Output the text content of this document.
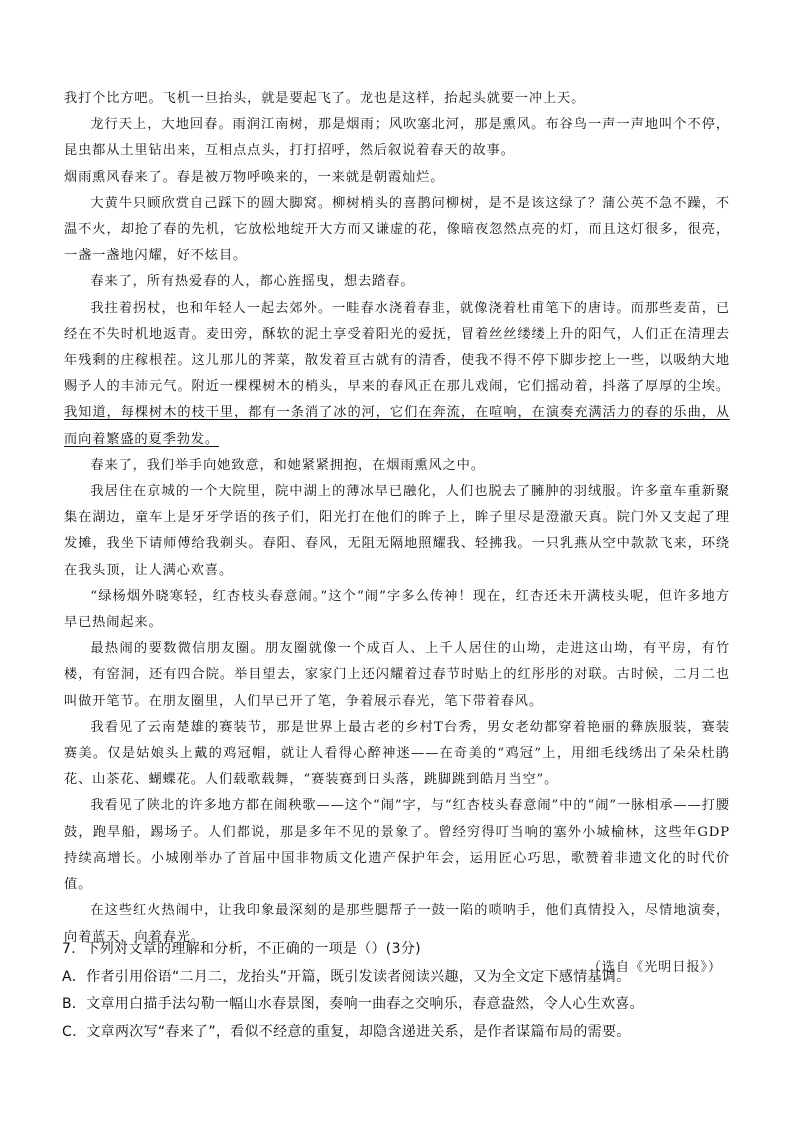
我打个比方吧。飞机一旦抬头，就是要起飞了。龙也是这样，抬起头就要一冲上天。

龙行天上，大地回春。雨润江南树，那是烟雨；风吹塞北河，那是熏风。布谷鸟一声一声地叫个不停，昆虫都从土里钻出来，互相点点头，打打招呼，然后叙说着春天的故事。

烟雨熏风春来了。春是被万物呼唤来的，一来就是朝霞灿烂。

大黄牛只顾欣赏自己踩下的圆大脚窝。柳树梢头的喜鹊问柳树，是不是该这绿了？蒲公英不急不躁，不温不火，却抢了春的先机，它放松地绽开大方而又谦虚的花，像暗夜忽然点亮的灯，而且这灯很多，很亮，一盏一盏地闪耀，好不炫目。

春来了，所有热爱春的人，都心旌摇曳，想去踏春。

我拄着拐杖，也和年轻人一起去郊外。一畦春水浇着春韭，就像浇着杜甫笔下的唐诗。而那些麦苗，已经在不失时机地返青。麦田旁，酥软的泥土享受着阳光的爱抚，冒着丝丝缕缕上升的阳气，人们正在清理去年残剩的庄稼根茬。这儿那儿的荠菜，散发着亘古就有的清香，使我不得不停下脚步挖上一些，以吸纳大地赐予人的丰沛元气。附近一棵棵树木的梢头，早来的春风正在那儿戏闹，它们摇动着，抖落了厚厚的尘埃。我知道，每棵树木的枝干里，都有一条消了冰的河，它们在奔流，在喧响，在演奏充满活力的春的乐曲，从而向着繁盛的夏季勃发。

春来了，我们举手向她致意，和她紧紧拥抱，在烟雨熏风之中。

我居住在京城的一个大院里，院中湖上的薄冰早已融化，人们也脱去了臃肿的羽绒服。许多童车重新聚集在湖边，童车上是牙牙学语的孩子们，阳光打在他们的眸子上，眸子里尽是澄澈天真。院门外又支起了理发摊，我坐下请师傅给我剃头。春阳、春风，无阻无隔地照耀我、轻拂我。一只乳燕从空中款款飞来，环绕在我头顶，让人满心欢喜。

“绿杨烟外晓寒轻，红杏枝头春意闹。”这个“闹”字多么传神！现在，红杏还未开满枝头呢，但许多地方早已热闹起来。

最热闹的要数微信朋友圈。朋友圈就像一个成百人、上千人居住的山坳，走进这山坳，有平房，有竹楼，有窑洞，还有四合院。举目望去，家家门上还闪耀着过春节时贴上的红彤彤的对联。古时候，二月二也叫做开笔节。在朋友圈里，人们早已开了笔，争着展示春光，笔下带着春风。

我看见了云南楚雄的赛装节，那是世界上最古老的乡村T台秀，男女老幼都穿着艳丽的彝族服装，赛装赛美。仅是姑娘头上戴的鸡冠帽，就让人看得心醉神迷——在奇美的“鸡冠”上，用细毛线绣出了朵朵杜鹃花、山茶花、蝴蝶花。人们载歌载舞，“赛装赛到日头落，跳脚跳到皓月当空”。

我看见了陕北的许多地方都在闹秧歌——这个“闹”字，与“红杏枝头春意闹”中的“闹”一脉相承——打腰鼓，跑旱船，踢场子。人们都说，那是多年不见的景象了。曾经穷得叮当响的塞外小城榆林，这些年GDP持续高增长。小城刚举办了首届中国非物质文化遗产保护年会，运用匠心巧思，歌赞着非遗文化的时代价值。

在这些红火热闹中，让我印象最深刻的是那些腮帮子一鼓一陷的唢呐手，他们真情投入，尽情地演奏，向着蓝天，向着春光。

（选自《光明日报》）

7．下列对文章的理解和分析，不正确的一项是（）(3分)

A．作者引用俗语“二月二，龙抬头”开篇，既引发读者阅读兴趣，又为全文定下感情基调。

B．文章用白描手法勾勒一幅山水春景图，奏响一曲春之交响乐，春意盎然，令人心生欢喜。

C．文章两次写“春来了”，看似不经意的重复，却隐含递进关系，是作者谋篇布局的需要。
